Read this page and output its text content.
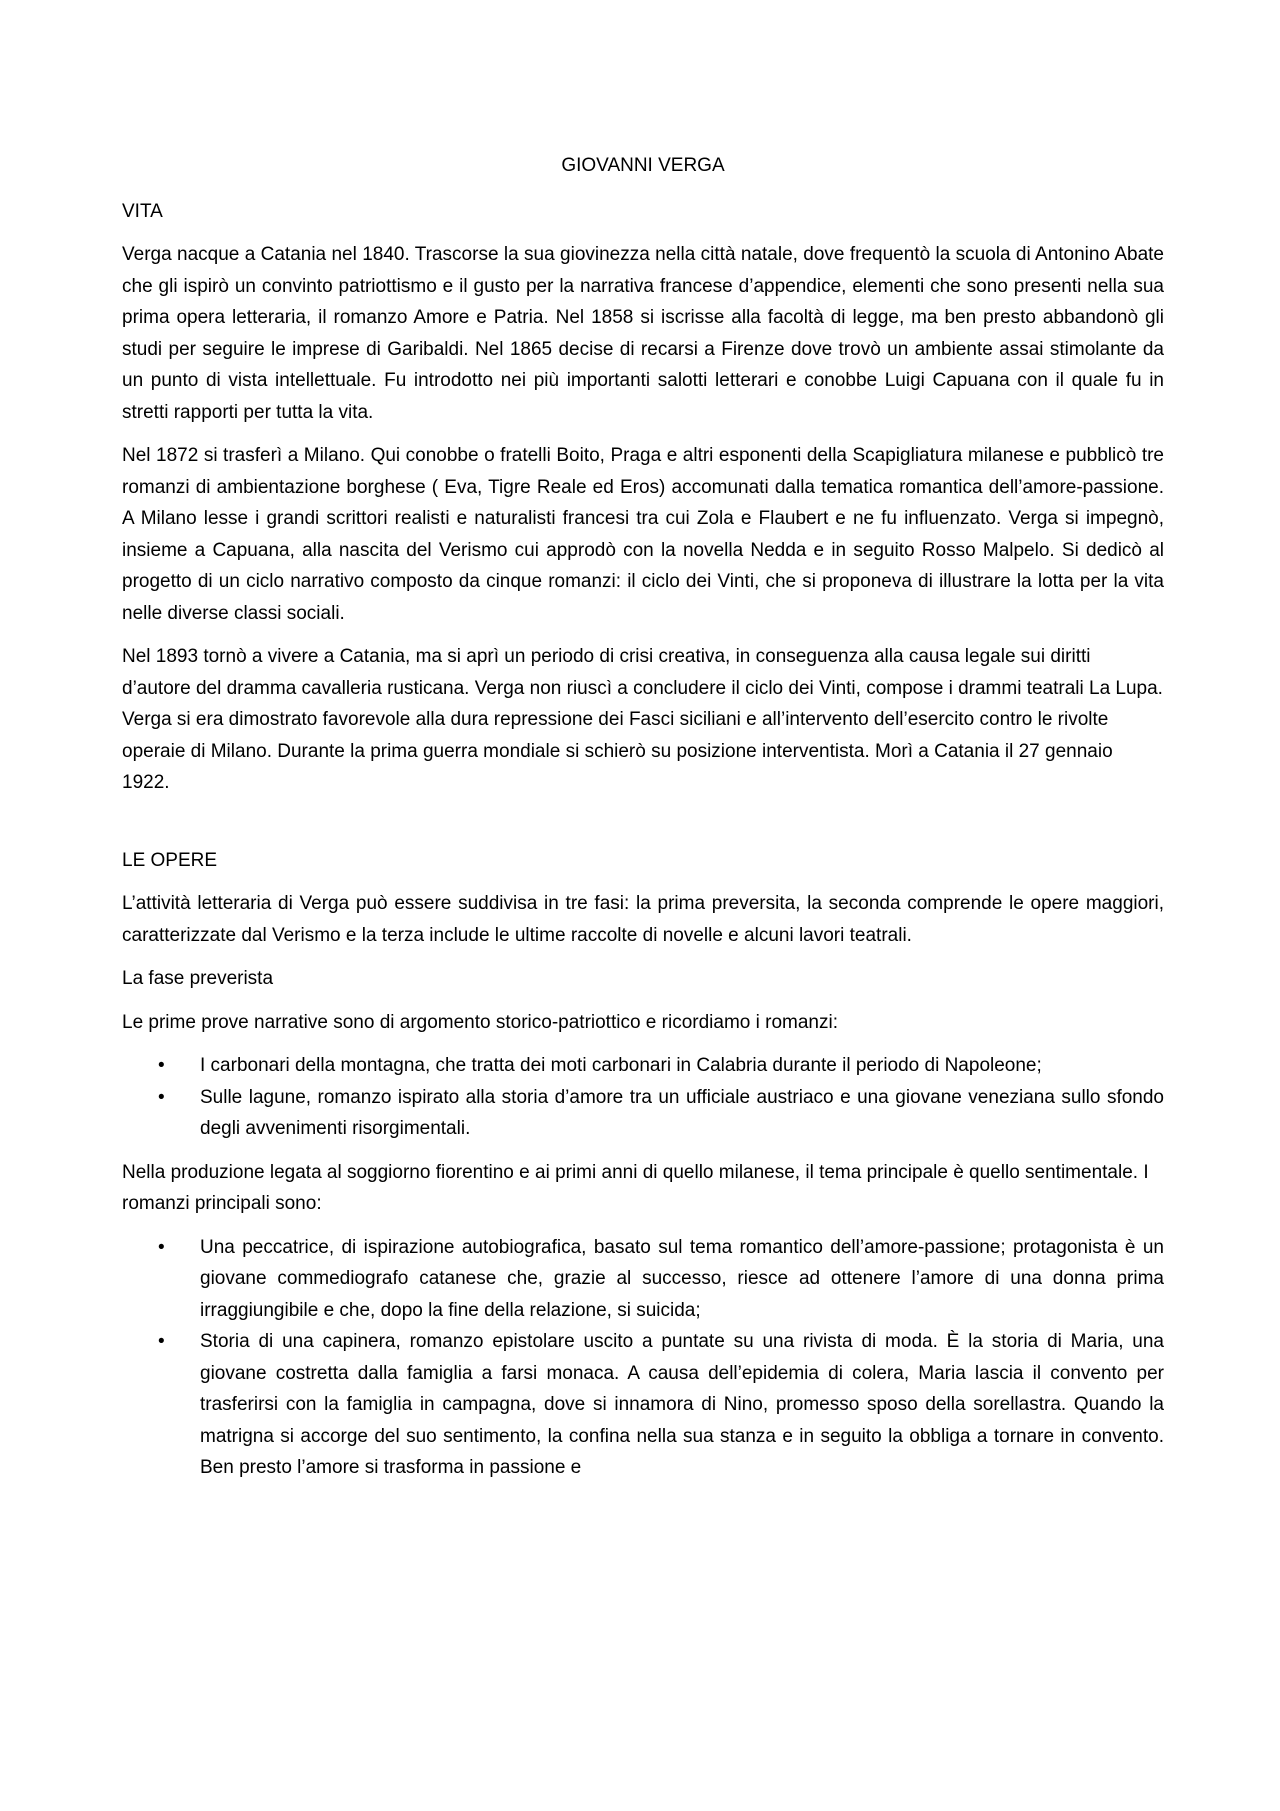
GIOVANNI VERGA
VITA

Verga nacque a Catania nel 1840. Trascorse la sua giovinezza nella città natale, dove frequentò la scuola di Antonino Abate che gli ispirò un convinto patriottismo e il gusto per la narrativa francese d’appendice, elementi che sono presenti nella sua prima opera letteraria, il romanzo Amore e Patria. Nel 1858 si iscrisse alla facoltà di legge, ma ben presto abbandonò gli studi per seguire le imprese di Garibaldi. Nel 1865 decise di recarsi a Firenze dove trovò un ambiente assai stimolante da un punto di vista intellettuale. Fu introdotto nei più importanti salotti letterari e conobbe Luigi Capuana con il quale fu in stretti rapporti per tutta la vita.

Nel 1872 si trasferì a Milano. Qui conobbe o fratelli Boito, Praga e altri esponenti della Scapigliatura milanese e pubblicò tre romanzi di ambientazione borghese ( Eva, Tigre Reale ed Eros) accomunati dalla tematica romantica dell’amore-passione. A Milano lesse i grandi scrittori realisti e naturalisti francesi tra cui Zola e Flaubert e ne fu influenzato. Verga si impegnò, insieme a Capuana, alla nascita del Verismo cui approdò con la novella Nedda e in seguito Rosso Malpelo. Si dedicò al progetto di un ciclo narrativo composto da cinque romanzi: il ciclo dei Vinti, che si proponeva di illustrare la lotta per la vita nelle diverse classi sociali.

Nel 1893 tornò a vivere a Catania, ma si aprì un periodo di crisi creativa, in conseguenza alla causa legale sui diritti d’autore del dramma cavalleria rusticana. Verga non riuscì a concludere il ciclo dei Vinti, compose i drammi teatrali La Lupa. Verga si era dimostrato favorevole alla dura repressione dei Fasci siciliani e all’intervento dell’esercito contro le rivolte operaie di Milano. Durante la prima guerra mondiale si schierò su posizione interventista. Morì a Catania il 27 gennaio 1922.

LE OPERE

L’attività letteraria di Verga può essere suddivisa in tre fasi: la prima preversita, la seconda comprende le opere maggiori, caratterizzate dal Verismo e la terza include le ultime raccolte di novelle e alcuni lavori teatrali.

La fase preverista

Le prime prove narrative sono di argomento storico-patriottico e ricordiamo i romanzi:

• I carbonari della montagna, che tratta dei moti carbonari in Calabria durante il periodo di Napoleone;
• Sulle lagune, romanzo ispirato alla storia d’amore tra un ufficiale austriaco e una giovane veneziana sullo sfondo degli avvenimenti risorgimentali.

Nella produzione legata al soggiorno fiorentino e ai primi anni di quello milanese, il tema principale è quello sentimentale. I romanzi principali sono:

• Una peccatrice, di ispirazione autobiografica, basato sul tema romantico dell’amore-passione; protagonista è un giovane commediografo catanese che, grazie al successo, riesce ad ottenere l’amore di una donna prima irraggiungibile e che, dopo la fine della relazione, si suicida;
• Storia di una capinera, romanzo epistolare uscito a puntate su una rivista di moda. È la storia di Maria, una giovane costretta dalla famiglia a farsi monaca. A causa dell’epidemia di colera, Maria lascia il convento per trasferirsi con la famiglia in campagna, dove si innamora di Nino, promesso sposo della sorellastra. Quando la matrigna si accorge del suo sentimento, la confina nella sua stanza e in seguito la obbliga a tornare in convento. Ben presto l’amore si trasforma in passione e
